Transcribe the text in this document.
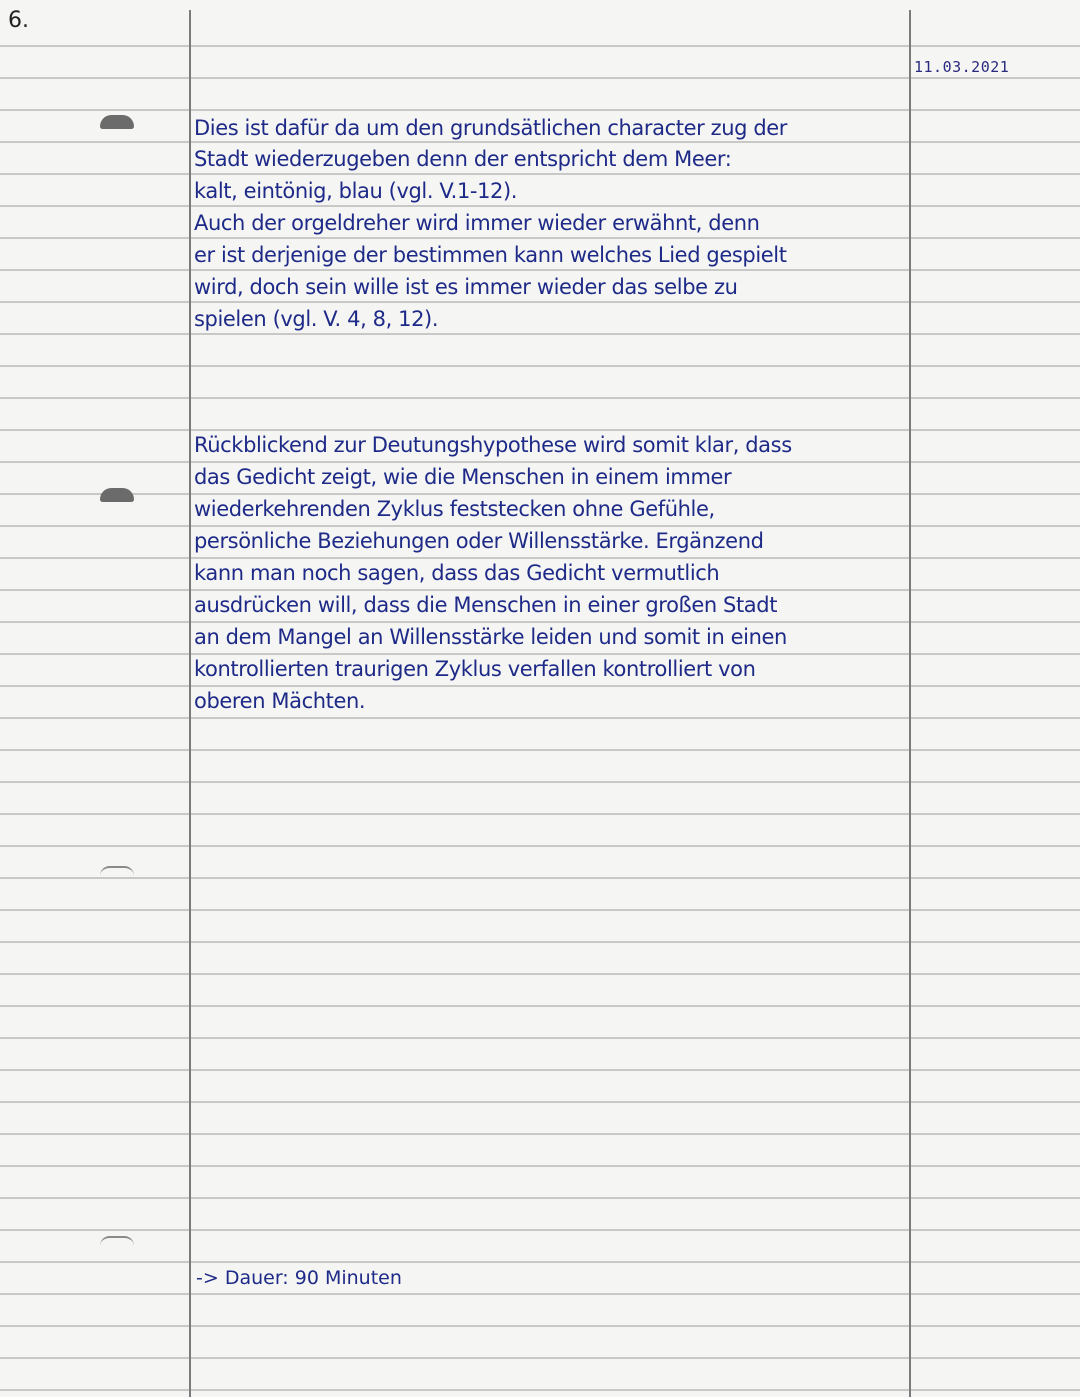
6.
11.03.2021
Dies ist dafür da um den grundsätlichen character zug der
Stadt wiederzugeben denn der entspricht dem Meer:
kalt, eintönig, blau (vgl. V.1-12).
Auch der orgeldreher wird immer wieder erwähnt, denn
er ist derjenige der bestimmen kann welches Lied gespielt
wird, doch sein wille ist es immer wieder das selbe zu
spielen (vgl. V. 4, 8, 12).
Rückblickend zur Deutungshypothese wird somit klar, dass
das Gedicht zeigt, wie die Menschen in einem immer
wiederkehrenden Zyklus feststecken ohne Gefühle,
persönliche Beziehungen oder Willensstärke. Ergänzend
kann man noch sagen, dass das Gedicht vermutlich
ausdrücken will, dass die Menschen in einer großen Stadt
an dem Mangel an Willensstärke leiden und somit in einen
kontrollierten traurigen Zyklus verfallen kontrolliert von
oberen Mächten.
-> Dauer: 90 Minuten
